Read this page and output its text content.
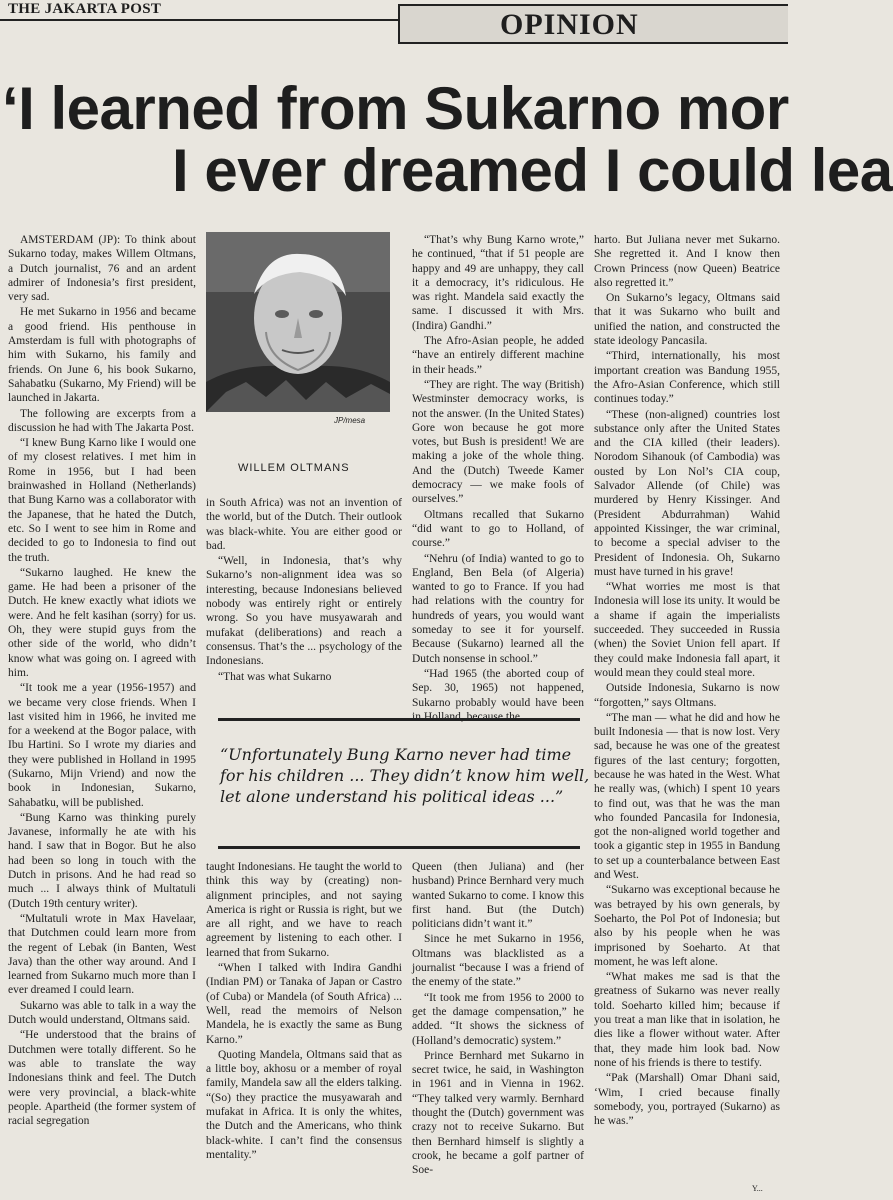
THE JAKARTA POST	OPINION
‘I learned from Sukarno mor
I ever dreamed I could lea

AMSTERDAM (JP): To think about Sukarno today, makes Willem Oltmans, a Dutch journalist, 76 and an ardent admirer of Indonesia’s first president, very sad.

He met Sukarno in 1956 and became a good friend. His penthouse in Amsterdam is full with photographs of him with Sukarno, his family and friends. On June 6, his book Sukarno, Sahabatku (Sukarno, My Friend) will be launched in Jakarta.

The following are excerpts from a discussion he had with The Jakarta Post.

“I knew Bung Karno like I would one of my closest relatives. I met him in Rome in 1956, but I had been brainwashed in Holland (Netherlands) that Bung Karno was a collaborator with the Japanese, that he hated the Dutch, etc. So I went to see him in Rome and decided to go to Indonesia to find out the truth.

“Sukarno laughed. He knew the game. He had been a prisoner of the Dutch. He knew exactly what idiots we were. And he felt kasihan (sorry) for us. Oh, they were stupid guys from the other side of the world, who didn’t know what was going on. I agreed with him.

“It took me a year (1956-1957) and we became very close friends. When I last visited him in 1966, he invited me for a weekend at the Bogor palace, with Ibu Hartini. So I wrote my diaries and they were published in Holland in 1995 (Sukarno, Mijn Vriend) and now the book in Indonesian, Sukarno, Sahabatku, will be published.

“Bung Karno was thinking purely Javanese, informally he ate with his hand. I saw that in Bogor. But he also had been so long in touch with the Dutch in prisons. And he had read so much ... I always think of Multatuli (Dutch 19th century writer).

“Multatuli wrote in Max Havelaar, that Dutchmen could learn more from the regent of Lebak (in Banten, West Java) than the other way around. And I learned from Sukarno much more than I ever dreamed I could learn.

Sukarno was able to talk in a way the Dutch would understand, Oltmans said.

“He understood that the brains of Dutchmen were totally different. So he was able to translate the way Indonesians think and feel. The Dutch were very provincial, a black-white people. Apartheid (the former system of racial segregation

JP/mesa
WILLEM OLTMANS

in South Africa) was not an invention of the world, but of the Dutch. Their outlook was black-white. You are either good or bad.

“Well, in Indonesia, that’s why Sukarno’s non-alignment idea was so interesting, because Indonesians believed nobody was entirely right or entirely wrong. So you have musyawarah and mufakat (deliberations) and reach a consensus. That’s the ... psychology of the Indonesians.

“That was what Sukarno

“That’s why Bung Karno wrote,” he continued, “that if 51 people are happy and 49 are unhappy, they call it a democracy, it’s ridiculous. He was right. Mandela said exactly the same. I discussed it with Mrs. (Indira) Gandhi.”

The Afro-Asian people, he added “have an entirely different machine in their heads.”

“They are right. The way (British) Westminster democracy works, is not the answer. (In the United States) Gore won because he got more votes, but Bush is president! We are making a joke of the whole thing. And the (Dutch) Tweede Kamer democracy — we make fools of ourselves.”

Oltmans recalled that Sukarno “did want to go to Holland, of course.”

“Nehru (of India) wanted to go to England, Ben Bela (of Algeria) wanted to go to France. If you had had relations with the country for hundreds of years, you would want someday to see it for yourself. Because (Sukarno) learned all the Dutch nonsense in school.”

“Had 1965 (the aborted coup of Sep. 30, 1965) not happened, Sukarno probably would have been in Holland, because the

harto. But Juliana never met Sukarno. She regretted it. And I know then Crown Princess (now Queen) Beatrice also regretted it.”

On Sukarno’s legacy, Oltmans said that it was Sukarno who built and unified the nation, and constructed the state ideology Pancasila.

“Third, internationally, his most important creation was Bandung 1955, the Afro-Asian Conference, which still continues today.”

“These (non-aligned) countries lost substance only after the United States and the CIA killed (their leaders). Norodom Sihanouk (of Cambodia) was ousted by Lon Nol’s CIA coup, Salvador Allende (of Chile) was murdered by Henry Kissinger. And (President Abdurrahman) Wahid appointed Kissinger, the war criminal, to become a special adviser to the President of Indonesia. Oh, Sukarno must have turned in his grave!

“What worries me most is that Indonesia will lose its unity. It would be a shame if again the imperialists succeeded. They succeeded in Russia (when) the Soviet Union fell apart. If they could make Indonesia fall apart, it would mean they could steal more.

Outside Indonesia, Sukarno is now “forgotten,” says Oltmans.

“The man — what he did and how he built Indonesia — that is now lost. Very sad, because he was one of the greatest figures of the last century; forgotten, because he was hated in the West. What he really was, (which) I spent 10 years to find out, was that he was the man who founded Pancasila for Indonesia, got the non-aligned world together and took a gigantic step in 1955 in Bandung to set up a counterbalance between East and West.

“Sukarno was exceptional because he was betrayed by his own generals, by Soeharto, the Pol Pot of Indonesia; but also by his people when he was imprisoned by Soeharto. At that moment, he was left alone.

“What makes me sad is that the greatness of Sukarno was never really told. Soeharto killed him; because if you treat a man like that in isolation, he dies like a flower without water. After that, they made him look bad. Now none of his friends is there to testify.

“Pak (Marshall) Omar Dhani said, ‘Wim, I cried because finally somebody, you, portrayed (Sukarno) as he was.”

“Unfortunately Bung Karno never had time for his children ... They didn’t know him well, let alone understand his political ideas ...”

taught Indonesians. He taught the world to think this way by (creating) non-alignment principles, and not saying America is right or Russia is right, but we are all right, and we have to reach agreement by listening to each other. I learned that from Sukarno.

“When I talked with Indira Gandhi (Indian PM) or Tanaka of Japan or Castro (of Cuba) or Mandela (of South Africa) ... Well, read the memoirs of Nelson Mandela, he is exactly the same as Bung Karno.”

Quoting Mandela, Oltmans said that as a little boy, akhosu or a member of royal family, Mandela saw all the elders talking. “(So) they practice the musyawarah and mufakat in Africa. It is only the whites, the Dutch and the Americans, who think black-white. I can’t find the consensus mentality.”

Queen (then Juliana) and (her husband) Prince Bernhard very much wanted Sukarno to come. I know this first hand. But (the Dutch) politicians didn’t want it.”

Since he met Sukarno in 1956, Oltmans was blacklisted as a journalist “because I was a friend of the enemy of the state.”

“It took me from 1956 to 2000 to get the damage compensation,” he added. “It shows the sickness of (Holland’s democratic) system.”

Prince Bernhard met Sukarno in secret twice, he said, in Washington in 1961 and in Vienna in 1962. “They talked very warmly. Bernhard thought the (Dutch) government was crazy not to receive Sukarno. But then Bernhard himself is slightly a crook, he became a golf partner of Soe-

Y...
